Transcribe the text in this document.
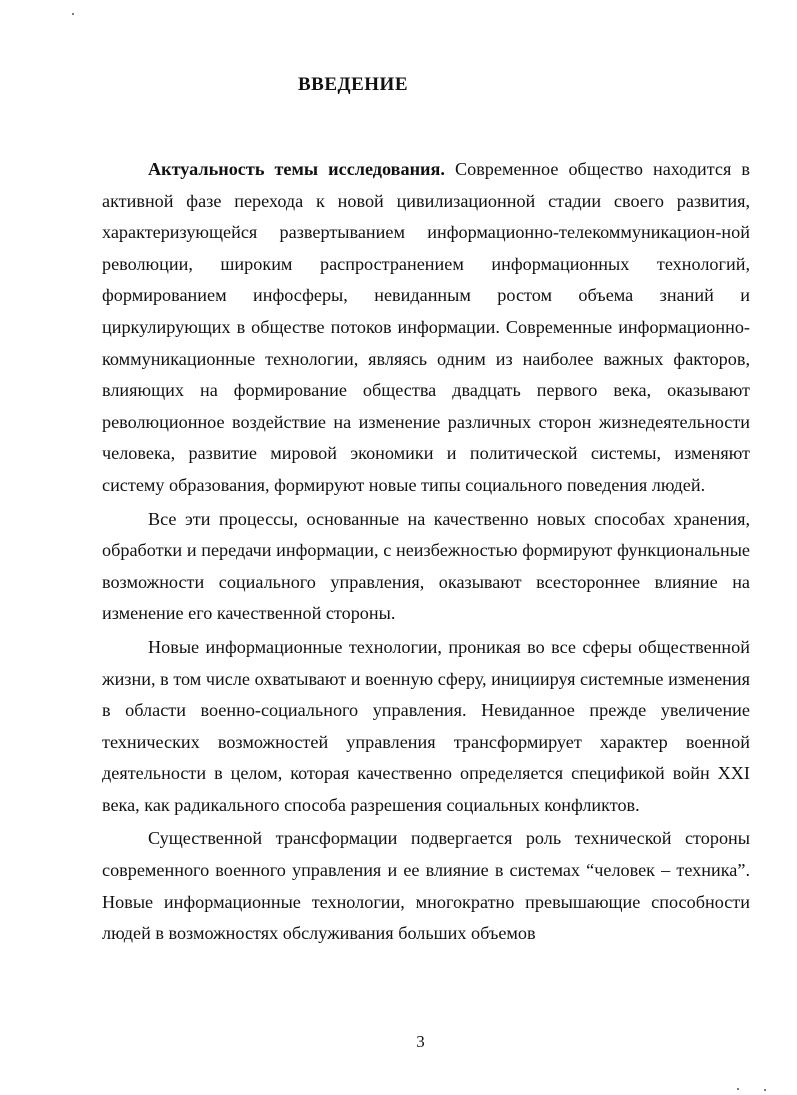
ВВЕДЕНИЕ

Актуальность темы исследования. Современное общество находится в активной фазе перехода к новой цивилизационной стадии своего развития, характеризующейся развертыванием информационно-телекоммуникацион-ной революции, широким распространением информационных технологий, формированием инфосферы, невиданным ростом объема знаний и циркулирующих в обществе потоков информации. Современные информационно-коммуникационные технологии, являясь одним из наиболее важных факторов, влияющих на формирование общества двадцать первого века, оказывают революционное воздействие на изменение различных сторон жизнедеятельности человека, развитие мировой экономики и политической системы, изменяют систему образования, формируют новые типы социального поведения людей.

Все эти процессы, основанные на качественно новых способах хранения, обработки и передачи информации, с неизбежностью формируют функциональные возможности социального управления, оказывают всестороннее влияние на изменение его качественной стороны.

Новые информационные технологии, проникая во все сферы общественной жизни, в том числе охватывают и военную сферу, инициируя системные изменения в области военно-социального управления. Невиданное прежде увеличение технических возможностей управления трансформирует характер военной деятельности в целом, которая качественно определяется спецификой войн XXI века, как радикального способа разрешения социальных конфликтов.

Существенной трансформации подвергается роль технической стороны современного военного управления и ее влияние в системах “человек – техника”. Новые информационные технологии, многократно превышающие способности людей в возможностях обслуживания больших объемов

3
